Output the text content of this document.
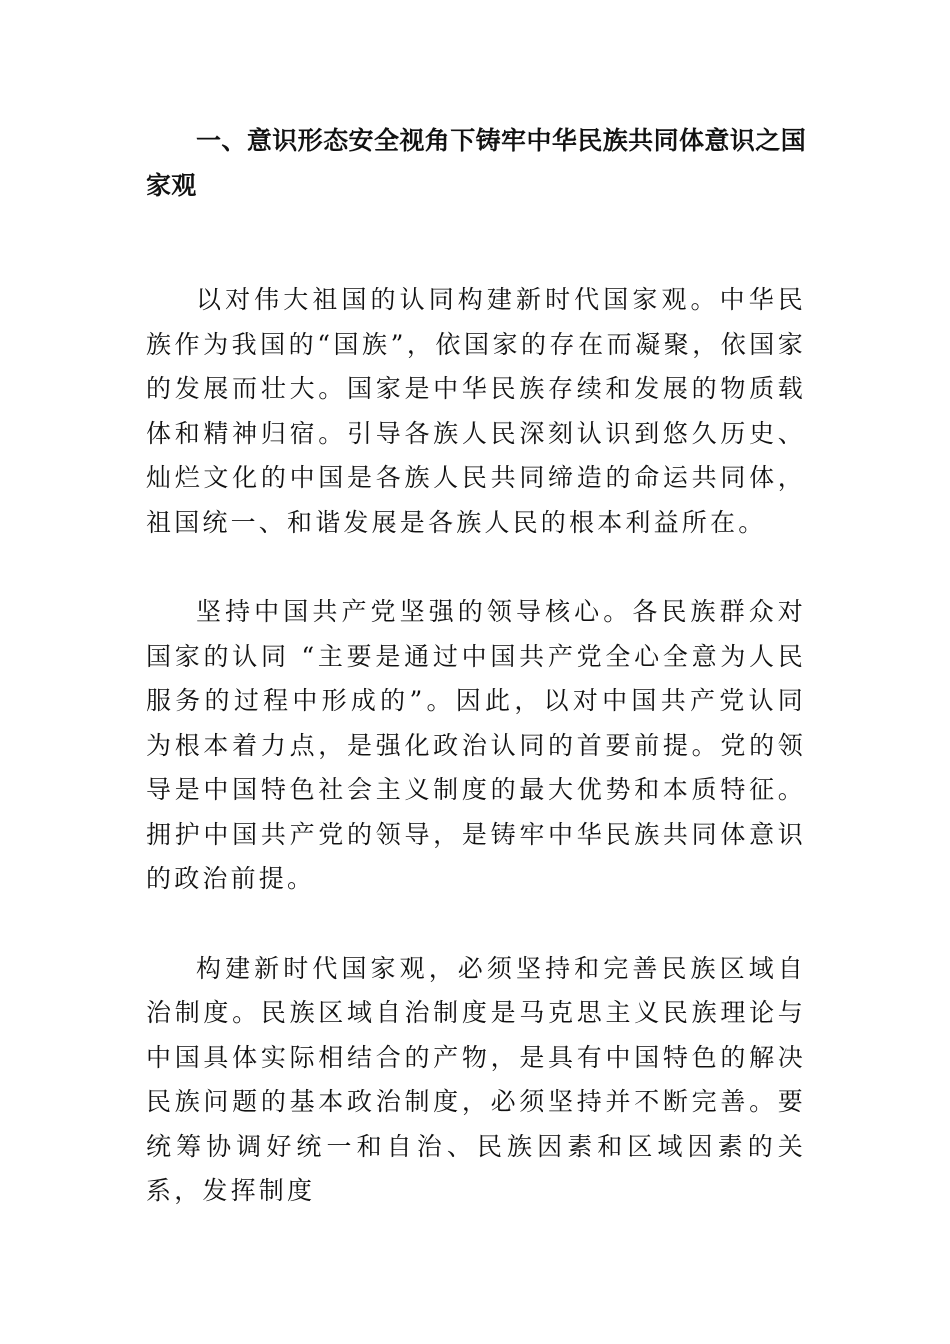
一、意识形态安全视角下铸牢中华民族共同体意识之国家观

以对伟大祖国的认同构建新时代国家观。中华民族作为我国的“国族”，依国家的存在而凝聚，依国家的发展而壮大。国家是中华民族存续和发展的物质载体和精神归宿。引导各族人民深刻认识到悠久历史、灿烂文化的中国是各族人民共同缔造的命运共同体，祖国统一、和谐发展是各族人民的根本利益所在。

坚持中国共产党坚强的领导核心。各民族群众对国家的认同 “主要是通过中国共产党全心全意为人民服务的过程中形成的”。因此，以对中国共产党认同为根本着力点，是强化政治认同的首要前提。党的领导是中国特色社会主义制度的最大优势和本质特征。拥护中国共产党的领导，是铸牢中华民族共同体意识的政治前提。

构建新时代国家观，必须坚持和完善民族区域自治制度。民族区域自治制度是马克思主义民族理论与中国具体实际相结合的产物，是具有中国特色的解决民族问题的基本政治制度，必须坚持并不断完善。要统筹协调好统一和自治、民族因素和区域因素的关系，发挥制度
